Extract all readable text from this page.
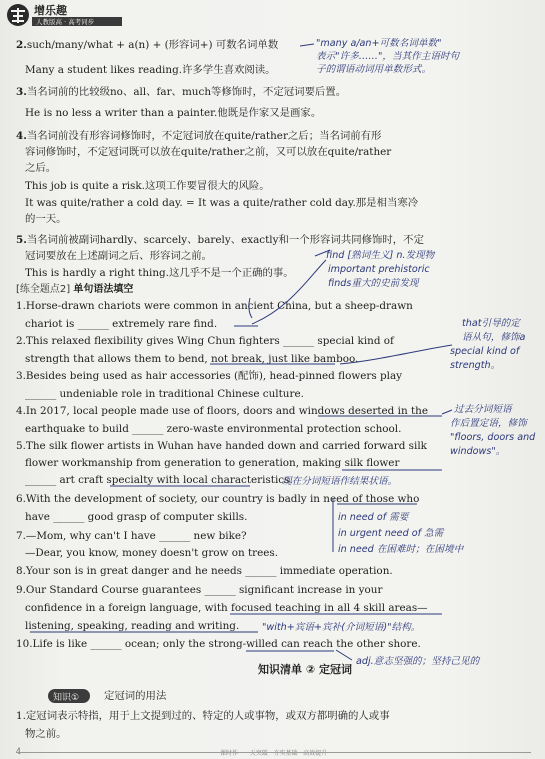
增乐趣
人教版高 · 高考同步
2.such/many/what + a(n) + (形容词+) 可数名词单数
Many a student likes reading.许多学生喜欢阅读。
3.当名词前的比较级no、all、far、much等修饰时，不定冠词要后置。
He is no less a writer than a painter.他既是作家又是画家。
4.当名词前没有形容词修饰时，不定冠词放在quite/rather之后；当名词前有形
容词修饰时，不定冠词既可以放在quite/rather之前，又可以放在quite/rather
之后。
This job is quite a risk.这项工作要冒很大的风险。
It was quite/rather a cold day. = It was a quite/rather cold day.那是相当寒冷
的一天。
5.当名词前被副词hardly、scarcely、barely、exactly和一个形容词共同修饰时，不定
冠词要放在上述副词之后、形容词之前。
This is hardly a right thing.这几乎不是一个正确的事。
[练全题点2] 单句语法填空
1.Horse-drawn chariots were common in ancient China, but a sheep-drawn
chariot is ______ extremely rare find.
2.This relaxed flexibility gives Wing Chun fighters ______ special kind of
strength that allows them to bend, not break, just like bamboo.
3.Besides being used as hair accessories (配饰), head-pinned flowers play
______ undeniable role in traditional Chinese culture.
4.In 2017, local people made use of floors, doors and windows deserted in the
earthquake to build ______ zero-waste environmental protection school.
5.The silk flower artists in Wuhan have handed down and carried forward silk
flower workmanship from generation to generation, making silk flower
______ art craft specialty with local characteristics.
6.With the development of society, our country is badly in need of those who
have ______ good grasp of computer skills.
7.—Mom, why can't I have ______ new bike?
—Dear, you know, money doesn't grow on trees.
8.Your son is in great danger and he needs ______ immediate operation.
9.Our Standard Course guarantees ______ significant increase in your
confidence in a foreign language, with focused teaching in all 4 skill areas—
listening, speaking, reading and writing.
10.Life is like ______ ocean; only the strong-willed can reach the other shore.
知识清单 ② 定冠词
知识① 定冠词的用法
1.定冠词表示特指，用于上文提到过的、特定的人或事物，或双方都明确的人或事
物之前。
4	课时作 · 一天突破 · 夯实基础 · 高效提升
"many a/an+可数名词单数"
表示"许多……"，当其作主语时句
子的谓语动词用单数形式。
find [熟词生义] n.发现物
important prehistoric
finds重大的史前发现
that引导的定
语从句，修饰a
special kind of
strength。
过去分词短语
作后置定语，修饰
"floors, doors and
windows"。
现在分词短语作结果状语。
in need of 需要
in urgent need of 急需
in need 在困难时；在困境中
"with+宾语+宾补(介词短语)"结构。
adj.意志坚强的；坚持己见的
